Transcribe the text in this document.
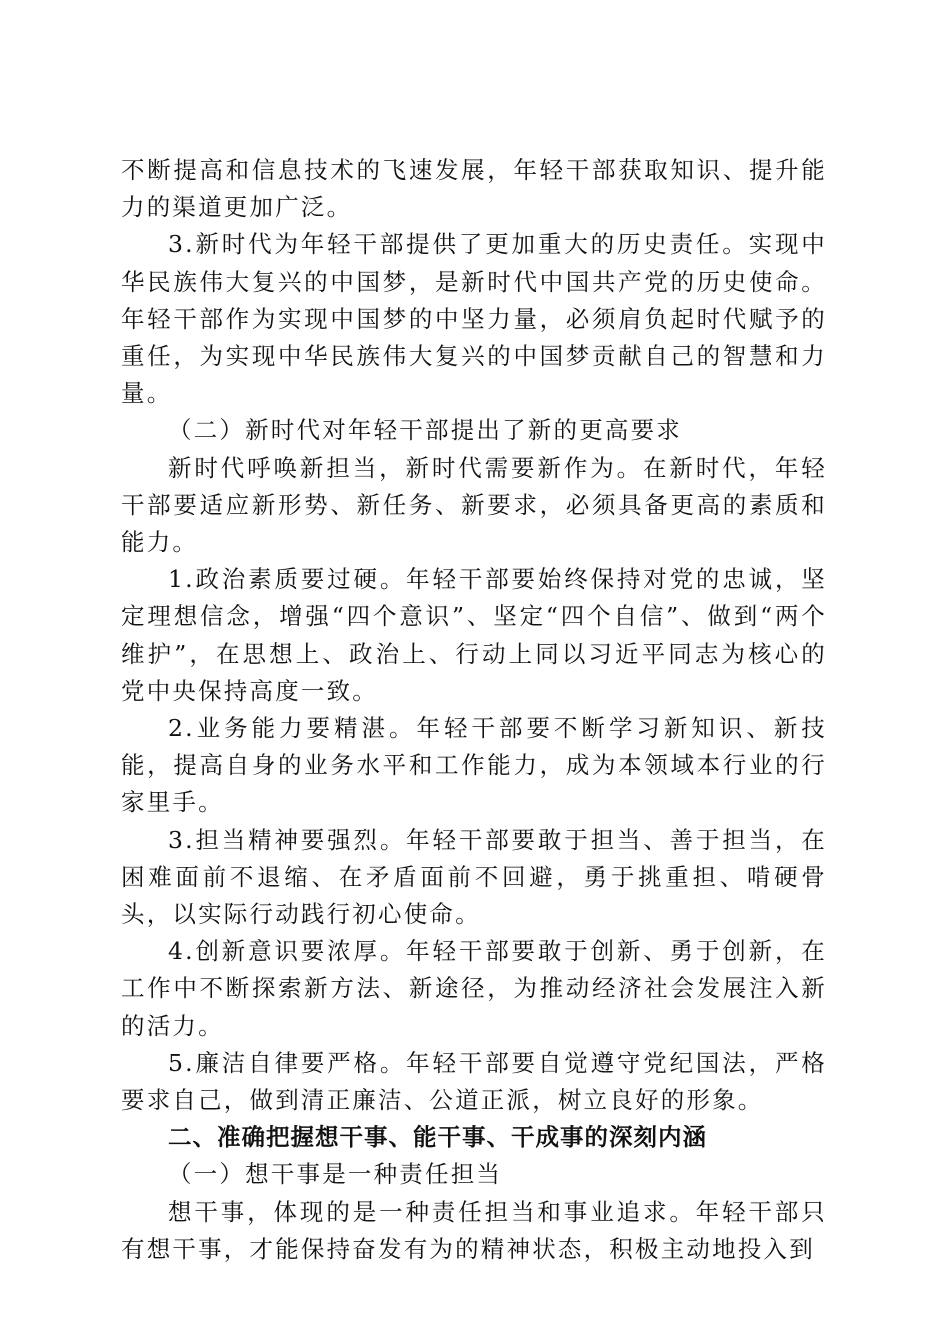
不断提高和信息技术的飞速发展，年轻干部获取知识、提升能力的渠道更加广泛。

3.新时代为年轻干部提供了更加重大的历史责任。实现中华民族伟大复兴的中国梦，是新时代中国共产党的历史使命。年轻干部作为实现中国梦的中坚力量，必须肩负起时代赋予的重任，为实现中华民族伟大复兴的中国梦贡献自己的智慧和力量。

（二）新时代对年轻干部提出了新的更高要求

新时代呼唤新担当，新时代需要新作为。在新时代，年轻干部要适应新形势、新任务、新要求，必须具备更高的素质和能力。

1.政治素质要过硬。年轻干部要始终保持对党的忠诚，坚定理想信念，增强“四个意识”、坚定“四个自信”、做到“两个维护”，在思想上、政治上、行动上同以习近平同志为核心的党中央保持高度一致。

2.业务能力要精湛。年轻干部要不断学习新知识、新技能，提高自身的业务水平和工作能力，成为本领域本行业的行家里手。

3.担当精神要强烈。年轻干部要敢于担当、善于担当，在困难面前不退缩、在矛盾面前不回避，勇于挑重担、啃硬骨头，以实际行动践行初心使命。

4.创新意识要浓厚。年轻干部要敢于创新、勇于创新，在工作中不断探索新方法、新途径，为推动经济社会发展注入新的活力。

5.廉洁自律要严格。年轻干部要自觉遵守党纪国法，严格要求自己，做到清正廉洁、公道正派，树立良好的形象。

二、准确把握想干事、能干事、干成事的深刻内涵

（一）想干事是一种责任担当

想干事，体现的是一种责任担当和事业追求。年轻干部只有想干事，才能保持奋发有为的精神状态，积极主动地投入到
